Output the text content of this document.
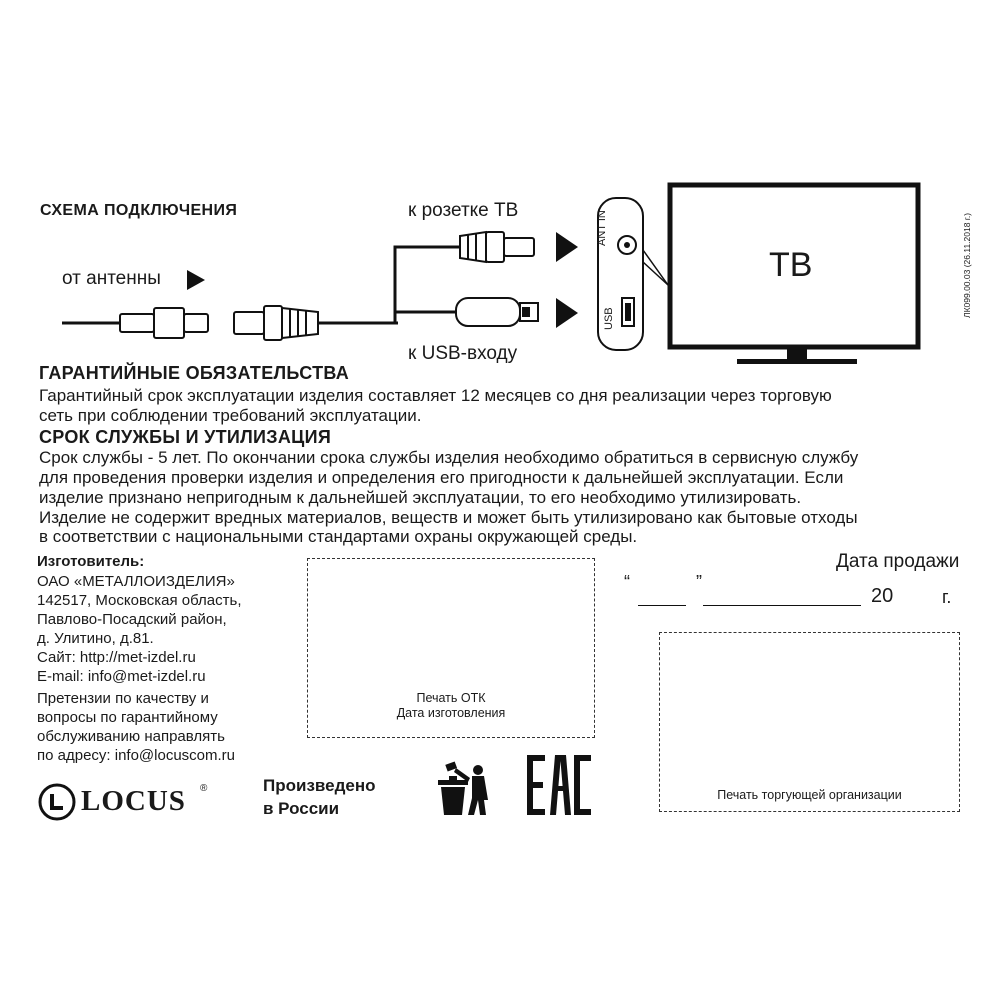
СХЕМА ПОДКЛЮЧЕНИЯ
от антенны
к розетке ТВ
к USB-входу
ANT IN
USB
ТВ	ЛК099.00.03 (26.11.2018 г.)
ГАРАНТИЙНЫЕ ОБЯЗАТЕЛЬСТВА
Гарантийный срок эксплуатации изделия составляет 12 месяцев со дня реализации через торговую
сеть при соблюдении требований эксплуатации.
СРОК СЛУЖБЫ И УТИЛИЗАЦИЯ
Срок службы - 5 лет. По окончании срока службы изделия необходимо обратиться в сервисную службу
для проведения проверки изделия и определения его пригодности к дальнейшей эксплуатации. Если
изделие признано непригодным к дальнейшей эксплуатации, то его необходимо утилизировать.
Изделие не содержит вредных материалов, веществ и может быть утилизировано как бытовые отходы
в соответствии с национальными стандартами охраны окружающей среды.
Изготовитель:
ОАО «МЕТАЛЛОИЗДЕЛИЯ»
142517, Московская область,
Павлово-Посадский район,
д. Улитино, д.81.
Сайт: http://met-izdel.ru
E-mail: info@met-izdel.ru
Претензии по качеству и
вопросы по гарантийному
обслуживанию направлять
по адресу: info@locuscom.ru
Печать ОТК
Дата изготовления
Дата продажи
“	”
20	г.
Печать торгующей организации
LOCUS ®	Произведено
в России
